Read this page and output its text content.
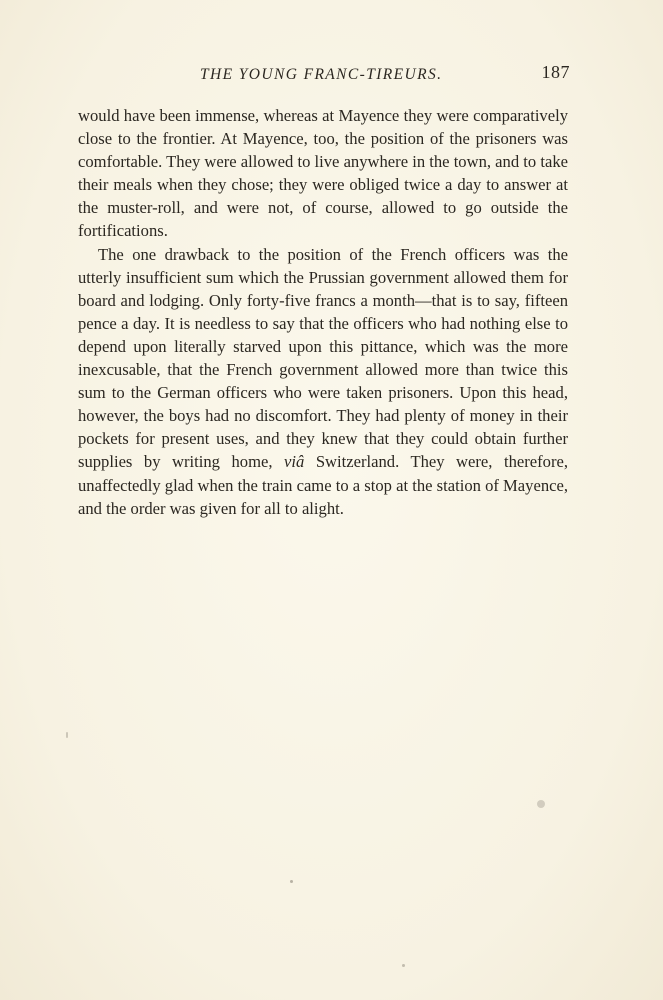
THE YOUNG FRANC-TIREURS.	187

would have been immense, whereas at Mayence they were comparatively close to the frontier. At Mayence, too, the position of the prisoners was comfortable. They were allowed to live anywhere in the town, and to take their meals when they chose; they were obliged twice a day to answer at the muster-roll, and were not, of course, allowed to go outside the fortifications.

The one drawback to the position of the French officers was the utterly insufficient sum which the Prussian government allowed them for board and lodging. Only forty-five francs a month—that is to say, fifteen pence a day. It is needless to say that the officers who had nothing else to depend upon literally starved upon this pittance, which was the more inexcusable, that the French government allowed more than twice this sum to the German officers who were taken prisoners. Upon this head, however, the boys had no discomfort. They had plenty of money in their pockets for present uses, and they knew that they could obtain further supplies by writing home, viâ Switzerland. They were, therefore, unaffectedly glad when the train came to a stop at the station of Mayence, and the order was given for all to alight.
